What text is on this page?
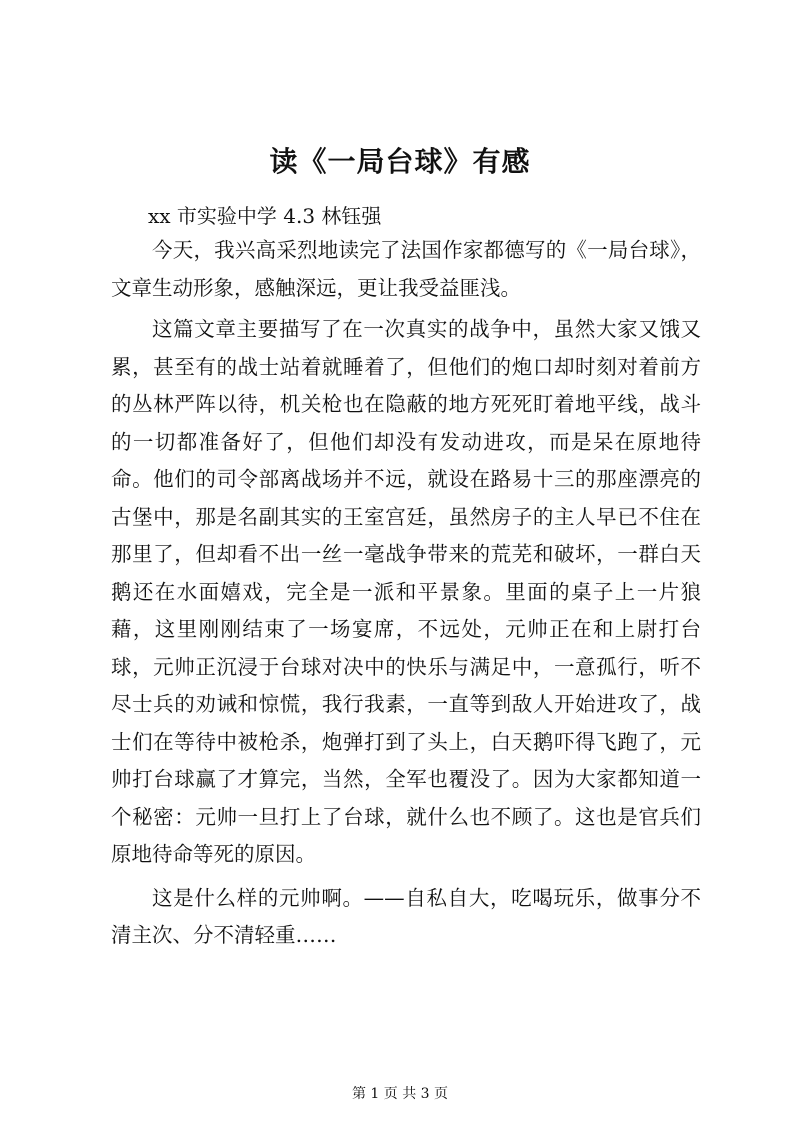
读《一局台球》有感
xx 市实验中学 4.3 林钰强

今天，我兴高采烈地读完了法国作家都德写的《一局台球》，文章生动形象，感触深远，更让我受益匪浅。

这篇文章主要描写了在一次真实的战争中，虽然大家又饿又累，甚至有的战士站着就睡着了，但他们的炮口却时刻对着前方的丛林严阵以待，机关枪也在隐蔽的地方死死盯着地平线，战斗的一切都准备好了，但他们却没有发动进攻，而是呆在原地待命。他们的司令部离战场并不远，就设在路易十三的那座漂亮的古堡中，那是名副其实的王室宫廷，虽然房子的主人早已不住在那里了，但却看不出一丝一毫战争带来的荒芜和破坏，一群白天鹅还在水面嬉戏，完全是一派和平景象。里面的桌子上一片狼藉，这里刚刚结束了一场宴席，不远处，元帅正在和上尉打台球，元帅正沉浸于台球对决中的快乐与满足中，一意孤行，听不尽士兵的劝诫和惊慌，我行我素，一直等到敌人开始进攻了，战士们在等待中被枪杀，炮弹打到了头上，白天鹅吓得飞跑了，元帅打台球赢了才算完，当然，全军也覆没了。因为大家都知道一个秘密：元帅一旦打上了台球，就什么也不顾了。这也是官兵们原地待命等死的原因。

这是什么样的元帅啊。——自私自大，吃喝玩乐，做事分不清主次、分不清轻重……

第 1 页 共 3 页
